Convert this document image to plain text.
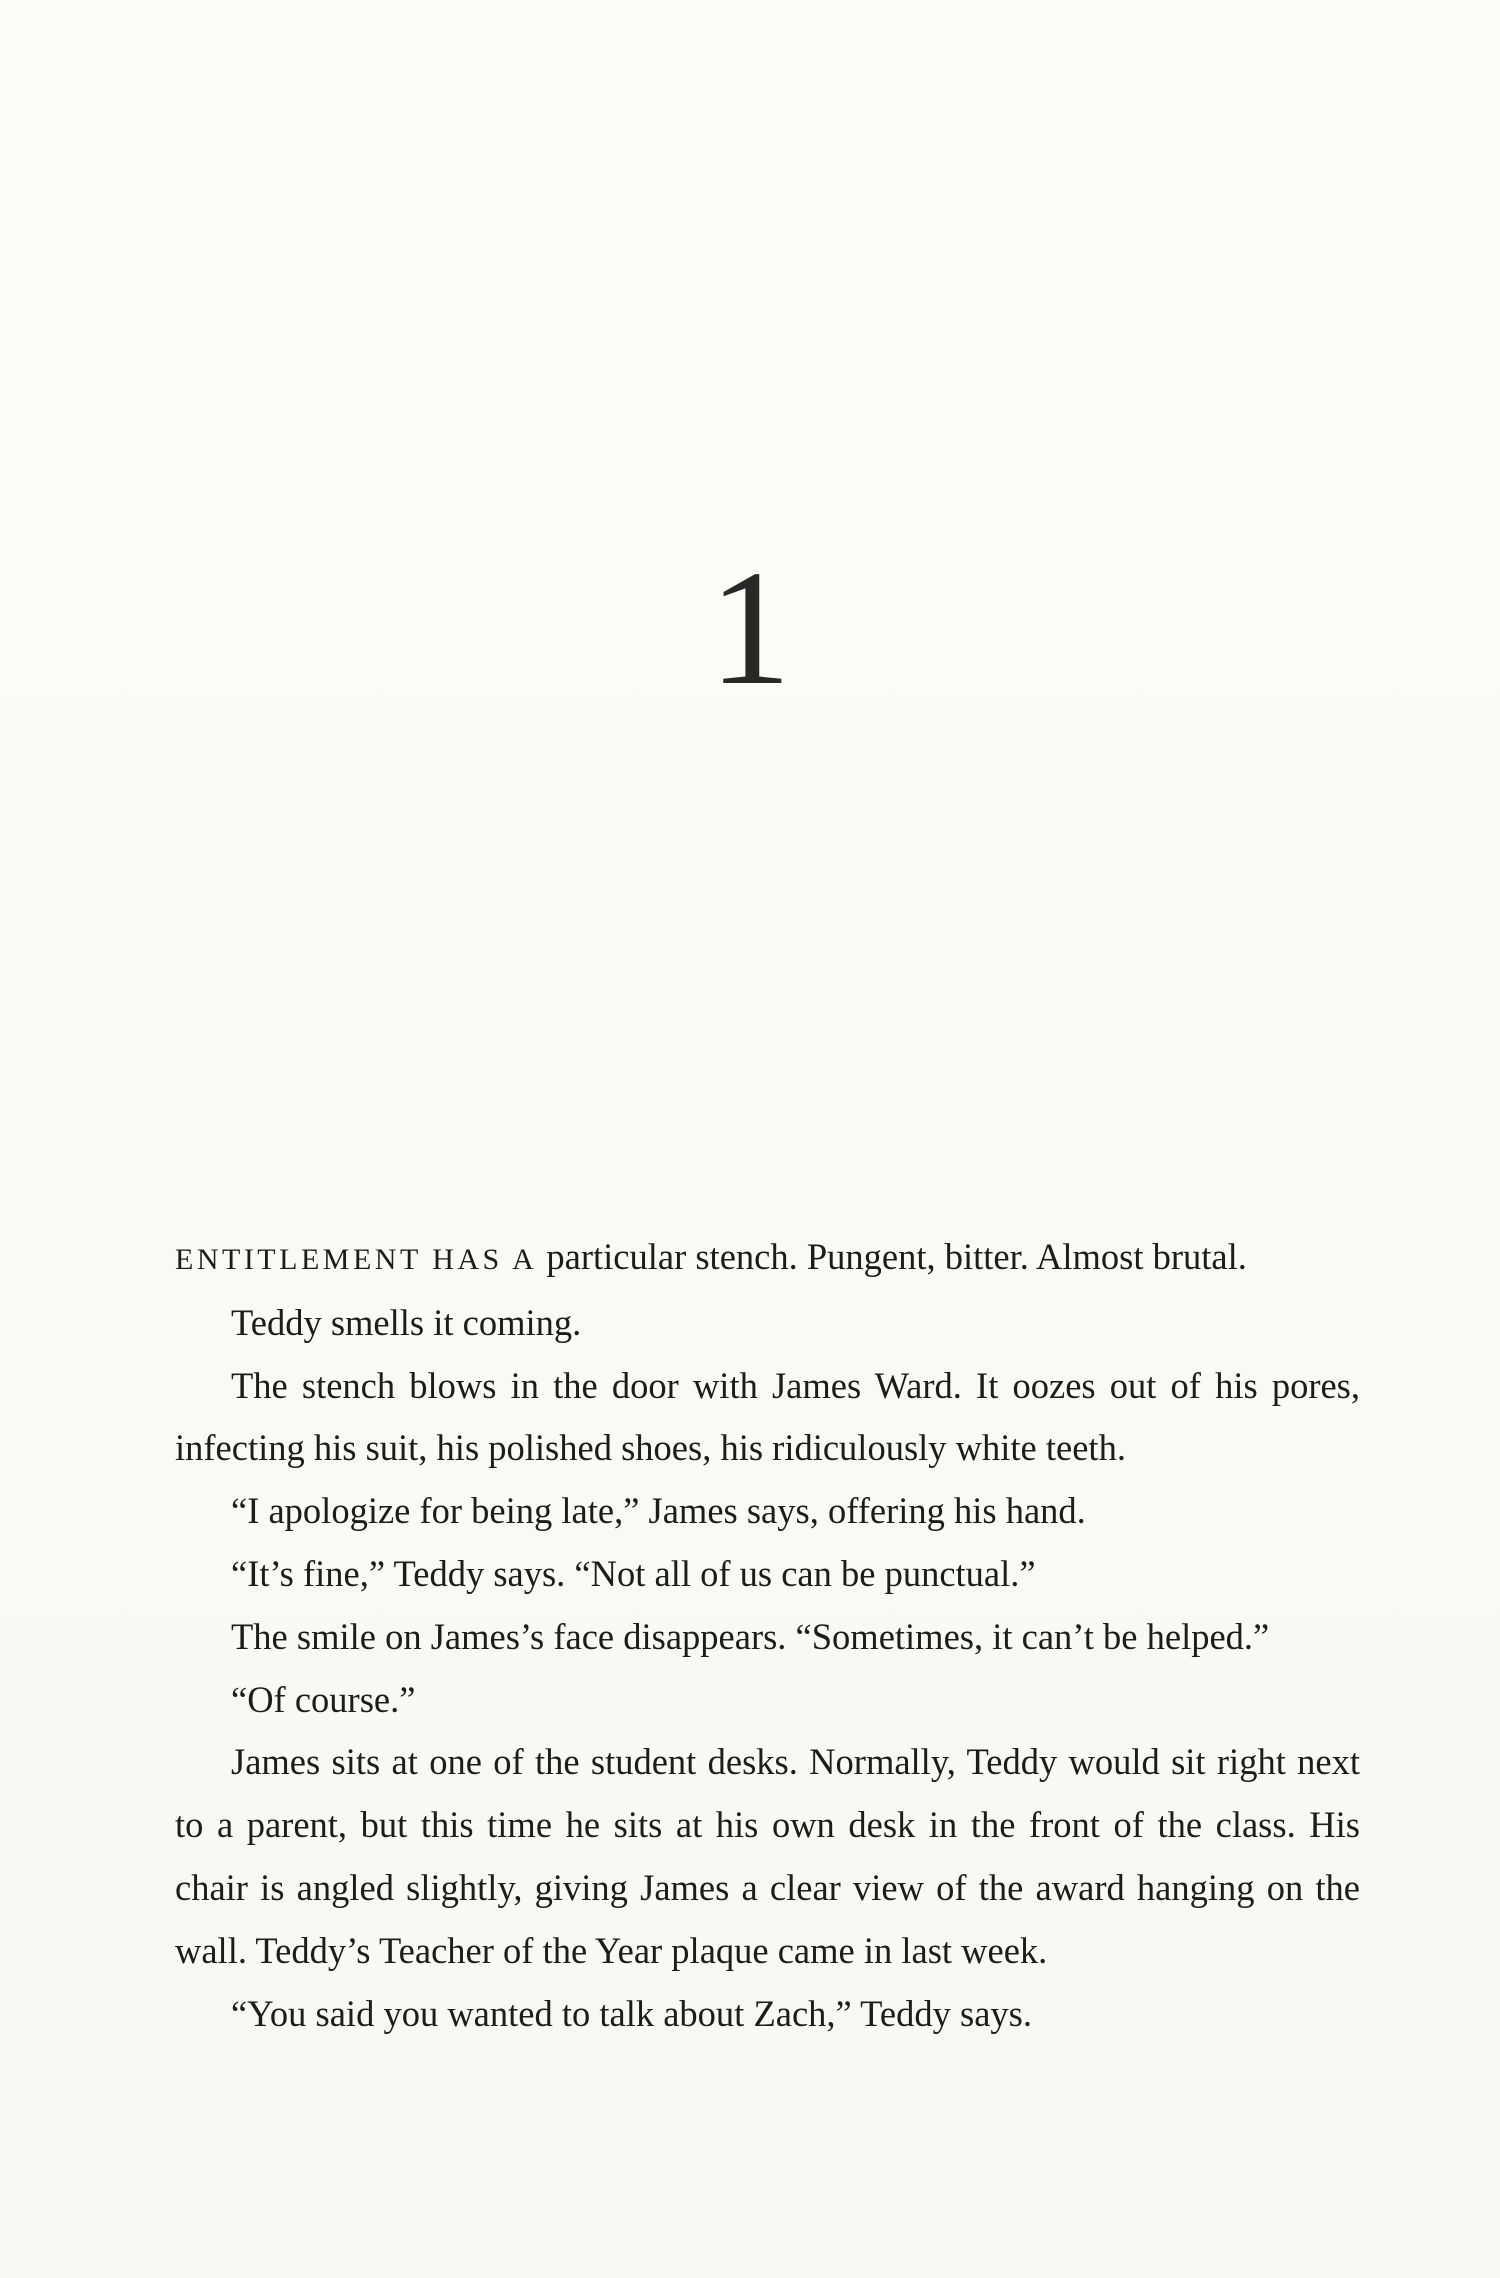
1

ENTITLEMENT HAS A particular stench. Pungent, bitter. Almost brutal.

Teddy smells it coming.

The stench blows in the door with James Ward. It oozes out of his pores, infecting his suit, his polished shoes, his ridiculously white teeth.

“I apologize for being late,” James says, offering his hand.

“It’s fine,” Teddy says. “Not all of us can be punctual.”

The smile on James’s face disappears. “Sometimes, it can’t be helped.”

“Of course.”

James sits at one of the student desks. Normally, Teddy would sit right next to a parent, but this time he sits at his own desk in the front of the class. His chair is angled slightly, giving James a clear view of the award hanging on the wall. Teddy’s Teacher of the Year plaque came in last week.

“You said you wanted to talk about Zach,” Teddy says.
